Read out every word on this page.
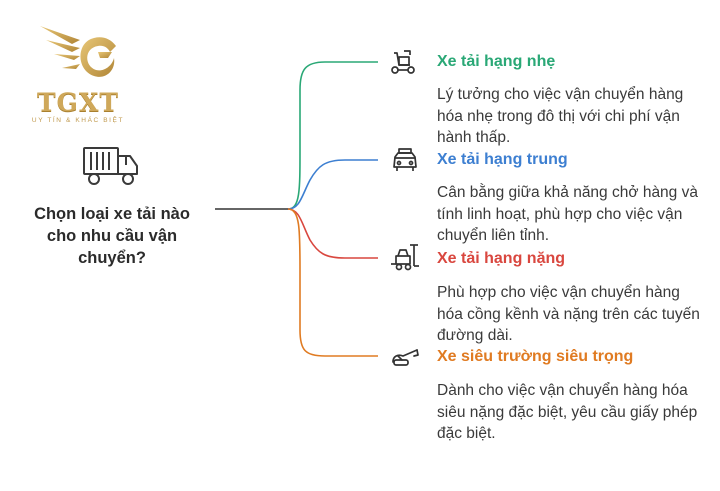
TGXT
UY TÍN & KHÁC BIỆT
Chọn loại xe tải nào cho nhu cầu vận chuyển?
Xe tải hạng nhẹ
Lý tưởng cho việc vận chuyển hàng hóa nhẹ trong đô thị với chi phí vận hành thấp.
Xe tải hạng trung
Cân bằng giữa khả năng chở hàng và tính linh hoạt, phù hợp cho việc vận chuyển liên tỉnh.
Xe tải hạng nặng
Phù hợp cho việc vận chuyển hàng hóa cồng kềnh và nặng trên các tuyến đường dài.
Xe siêu trường siêu trọng
Dành cho việc vận chuyển hàng hóa siêu nặng đặc biệt, yêu cầu giấy phép đặc biệt.
